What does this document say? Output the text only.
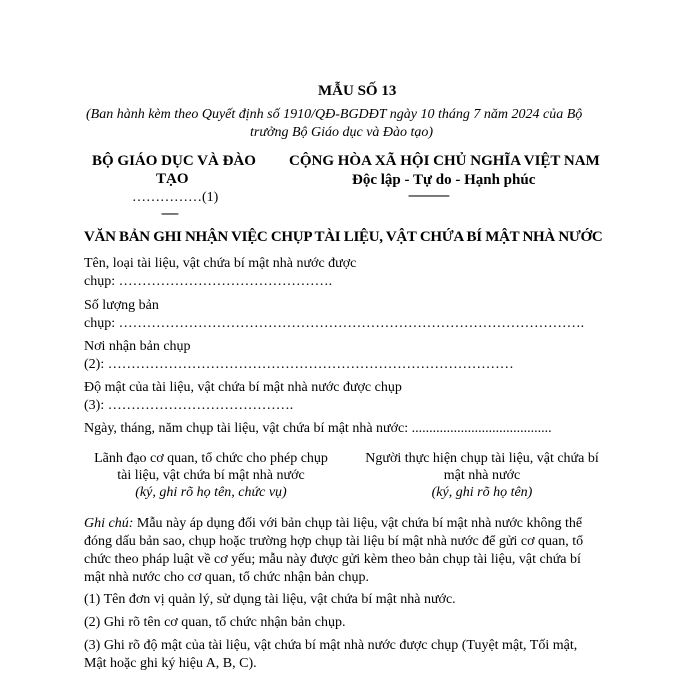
MẪU SỐ 13
(Ban hành kèm theo Quyết định số 1910/QĐ-BGDĐT ngày 10 tháng 7 năm 2024 của Bộ
trưởng Bộ Giáo dục và Đào tạo)
BỘ GIÁO DỤC VÀ ĐÀO
TẠO
……………(1)
------
CỘNG HÒA XÃ HỘI CHỦ NGHĨA VIỆT NAM
Độc lập - Tự do - Hạnh phúc
---------------
VĂN BẢN GHI NHẬN VIỆC CHỤP TÀI LIỆU, VẬT CHỨA BÍ MẬT NHÀ NƯỚC
Tên, loại tài liệu, vật chứa bí mật nhà nước được
chụp: ……………………………………….
Số lượng bản
chụp: ……………………………………………………………………………………….
Nơi nhận bản chụp
(2): ……………………………………………………………………………
Độ mật của tài liệu, vật chứa bí mật nhà nước được chụp
(3): ………………………………….
Ngày, tháng, năm chụp tài liệu, vật chứa bí mật nhà nước: ........................................
Lãnh đạo cơ quan, tổ chức cho phép chụp
tài liệu, vật chứa bí mật nhà nước
(ký, ghi rõ họ tên, chức vụ)
Người thực hiện chụp tài liệu, vật chứa bí
mật nhà nước
(ký, ghi rõ họ tên)
Ghi chú: Mẫu này áp dụng đối với bản chụp tài liệu, vật chứa bí mật nhà nước không thể
đóng dấu bản sao, chụp hoặc trường hợp chụp tài liệu bí mật nhà nước để gửi cơ quan, tổ
chức theo pháp luật về cơ yếu; mẫu này được gửi kèm theo bản chụp tài liệu, vật chứa bí
mật nhà nước cho cơ quan, tổ chức nhận bản chụp.
(1) Tên đơn vị quản lý, sử dụng tài liệu, vật chứa bí mật nhà nước.
(2) Ghi rõ tên cơ quan, tổ chức nhận bản chụp.
(3) Ghi rõ độ mật của tài liệu, vật chứa bí mật nhà nước được chụp (Tuyệt mật, Tối mật,
Mật hoặc ghi ký hiệu A, B, C).
